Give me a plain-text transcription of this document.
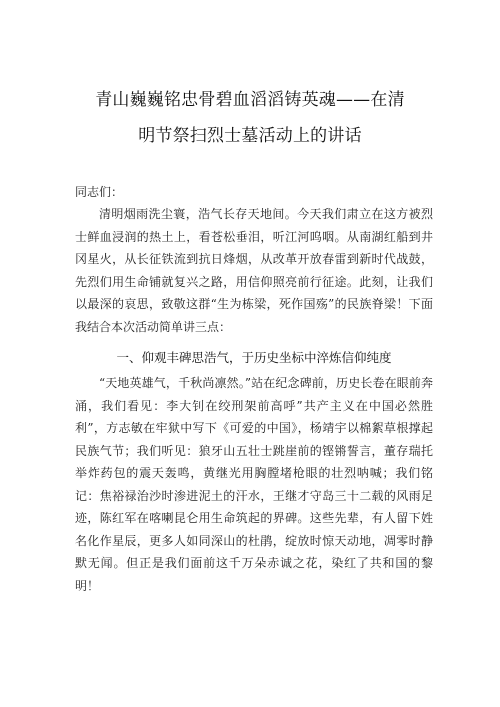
青山巍巍铭忠骨碧血滔滔铸英魂——在清
明节祭扫烈士墓活动上的讲话
同志们：

清明烟雨洗尘寰，浩气长存天地间。今天我们肃立在这方被烈士鲜血浸润的热土上，看苍松垂泪，听江河呜咽。从南湖红船到井冈星火，从长征铁流到抗日烽烟，从改革开放春雷到新时代战鼓，先烈们用生命铺就复兴之路，用信仰照亮前行征途。此刻，让我们以最深的哀思，致敬这群“生为栋梁，死作国殇”的民族脊梁！下面我结合本次活动简单讲三点：

一、仰观丰碑思浩气，于历史坐标中淬炼信仰纯度

“天地英雄气，千秋尚凛然。”站在纪念碑前，历史长卷在眼前奔涌，我们看见：李大钊在绞刑架前高呼”共产主义在中国必然胜利”，方志敏在牢狱中写下《可爱的中国》，杨靖宇以棉絮草根撑起民族气节；我们听见：狼牙山五壮士跳崖前的铿锵誓言，董存瑞托举炸药包的震天轰鸣，黄继光用胸膛堵枪眼的壮烈呐喊；我们铭记：焦裕禄治沙时渗进泥土的汗水，王继才守岛三十二载的风雨足迹，陈红军在喀喇昆仑用生命筑起的界碑。这些先辈，有人留下姓名化作星辰，更多人如同深山的杜鹃，绽放时惊天动地，凋零时静默无闻。但正是我们面前这千万朵赤诚之花，染红了共和国的黎明！
